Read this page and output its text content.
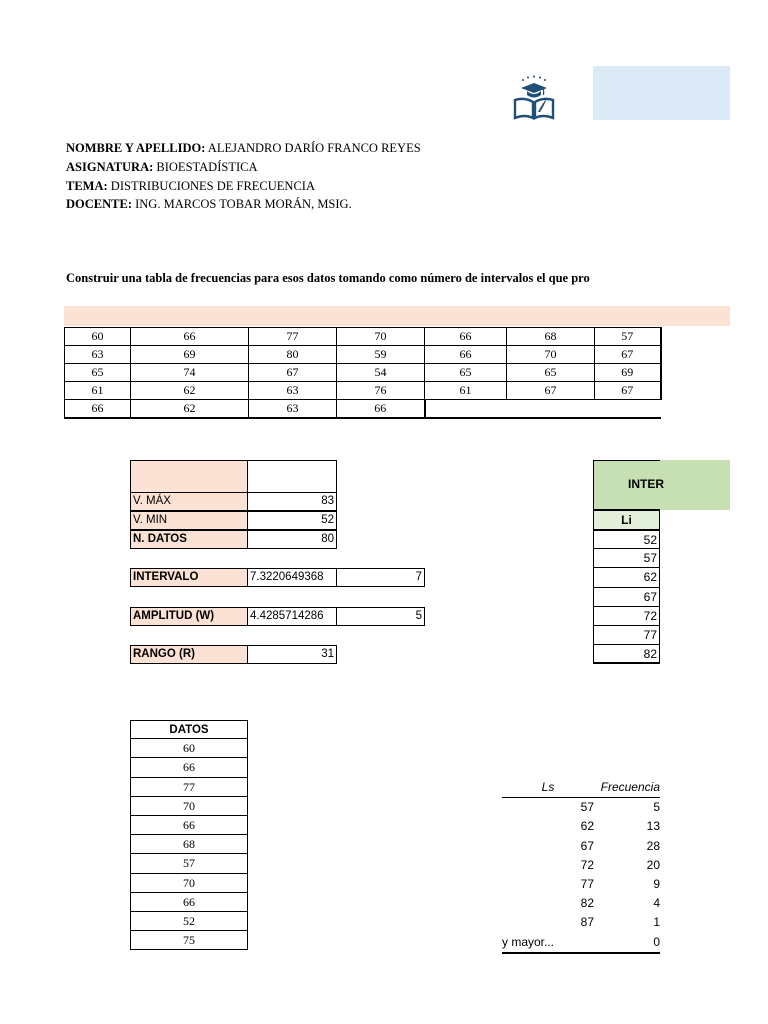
NOMBRE Y APELLIDO: ALEJANDRO DARÍO FRANCO REYES
ASIGNATURA: BIOESTADÍSTICA
TEMA: DISTRIBUCIONES DE FRECUENCIA
DOCENTE: ING. MARCOS TOBAR MORÁN, MSIG.
Construir una tabla de frecuencias para esos datos tomando como número de intervalos el que pro
60	66	77	70	66	68	57
63	69	80	59	66	70	67
65	74	67	54	65	65	69
61	62	63	76	61	67	67
66	62	63	66			
V. MÁX	83
V. MIN	52
N. DATOS	80
INTERVALO	7.3220649368	7
AMPLITUD (W)	4.4285714286	5
RANGO (R)	31
INTER
Li
52
57
62
67
72
77
82
DATOS
60
66
77
70
66
68
57
70
66
52
75
Ls	Frecuencia
57	5
62	13
67	28
72	20
77	9
82	4
87	1
y mayor...	0
